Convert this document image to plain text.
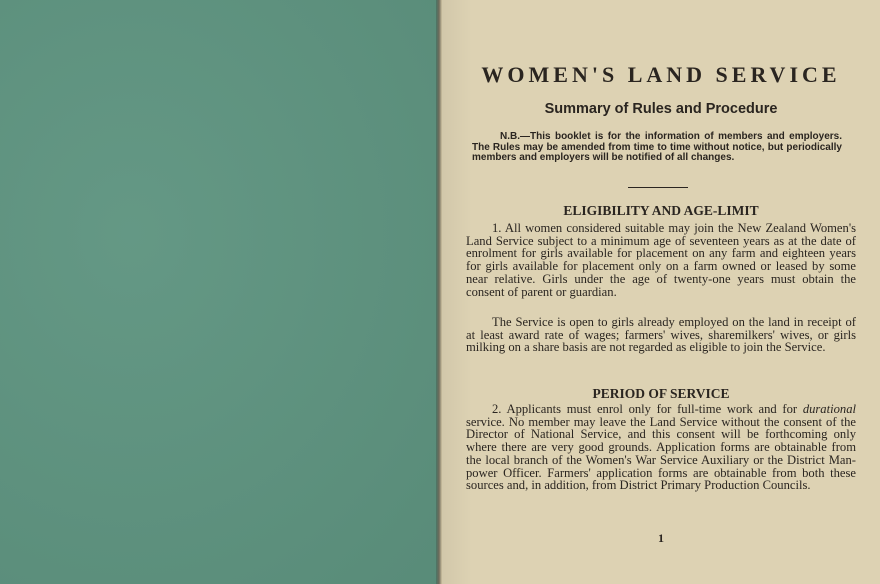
WOMEN'S LAND SERVICE
Summary of Rules and Procedure
N.B.—This booklet is for the information of members and employers. The Rules may be amended from time to time without notice, but periodically members and employers will be notified of all changes.
ELIGIBILITY AND AGE-LIMIT
1. All women considered suitable may join the New Zealand Women's Land Service subject to a minimum age of seventeen years as at the date of enrolment for girls available for placement on any farm and eighteen years for girls available for placement only on a farm owned or leased by some near relative. Girls under the age of twenty-one years must obtain the consent of parent or guardian.
The Service is open to girls already employed on the land in receipt of at least award rate of wages; farmers' wives, sharemilkers' wives, or girls milking on a share basis are not regarded as eligible to join the Service.
PERIOD OF SERVICE
2. Applicants must enrol only for full-time work and for durational service. No member may leave the Land Service without the consent of the Director of National Service, and this consent will be forthcoming only where there are very good grounds. Application forms are obtainable from the local branch of the Women's War Service Auxiliary or the District Man-power Officer. Farmers' application forms are obtainable from both these sources and, in addition, from District Primary Production Councils.
1
